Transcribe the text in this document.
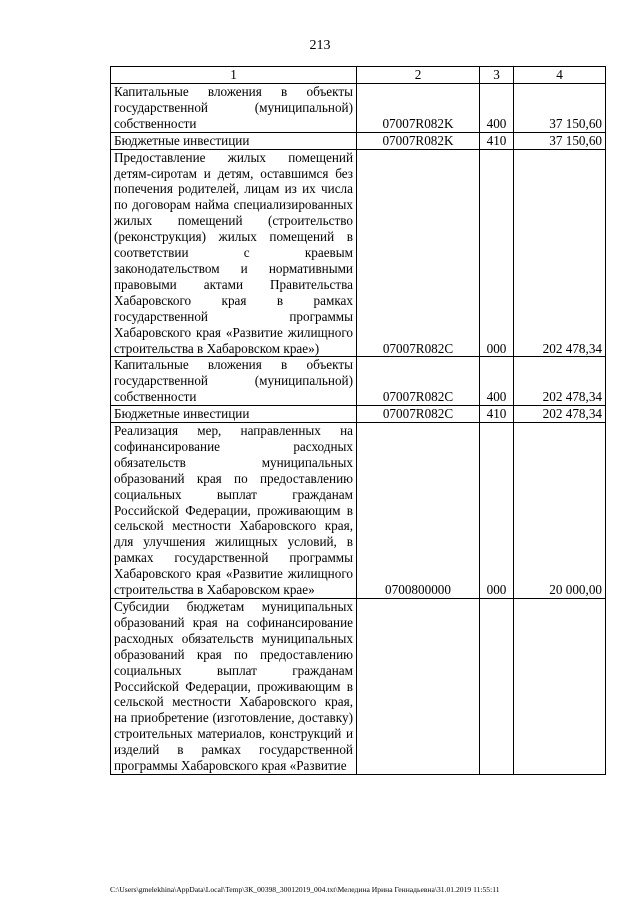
213
1	2	3	4
Капитальные вложения в объекты государственной (муниципальной) собственности	07007R082K	400	37 150,60
Бюджетные инвестиции	07007R082K	410	37 150,60
Предоставление жилых помещений детям-сиротам и детям, оставшимся без попечения родителей, лицам из их числа по договорам найма специализированных жилых помещений (строительство (реконструкция) жилых помещений в соответствии с краевым законодательством и нормативными правовыми актами Правительства Хабаровского края в рамках государственной программы Хабаровского края «Развитие жилищного строительства в Хабаровском крае»)	07007R082C	000	202 478,34
Капитальные вложения в объекты государственной (муниципальной) собственности	07007R082C	400	202 478,34
Бюджетные инвестиции	07007R082C	410	202 478,34
Реализация мер, направленных на софинансирование расходных обязательств муниципальных образований края по предоставлению социальных выплат гражданам Российской Федерации, проживающим в сельской местности Хабаровского края, для улучшения жилищных условий, в рамках государственной программы Хабаровского края «Развитие жилищного строительства в Хабаровском крае»	0700800000	000	20 000,00
Субсидии бюджетам муниципальных образований края на софинансирование расходных обязательств муниципальных образований края по предоставлению социальных выплат гражданам Российской Федерации, проживающим в сельской местности Хабаровского края, на приобретение (изготовление, доставку) строительных материалов, конструкций и изделий в рамках государственной программы Хабаровского края «Развитие			
C:\Users\gmelekhina\AppData\Local\Temp\ЗК_00398_30012019_004.txt\Меледина Ирина Геннадьевна\31.01.2019 11:55:11
